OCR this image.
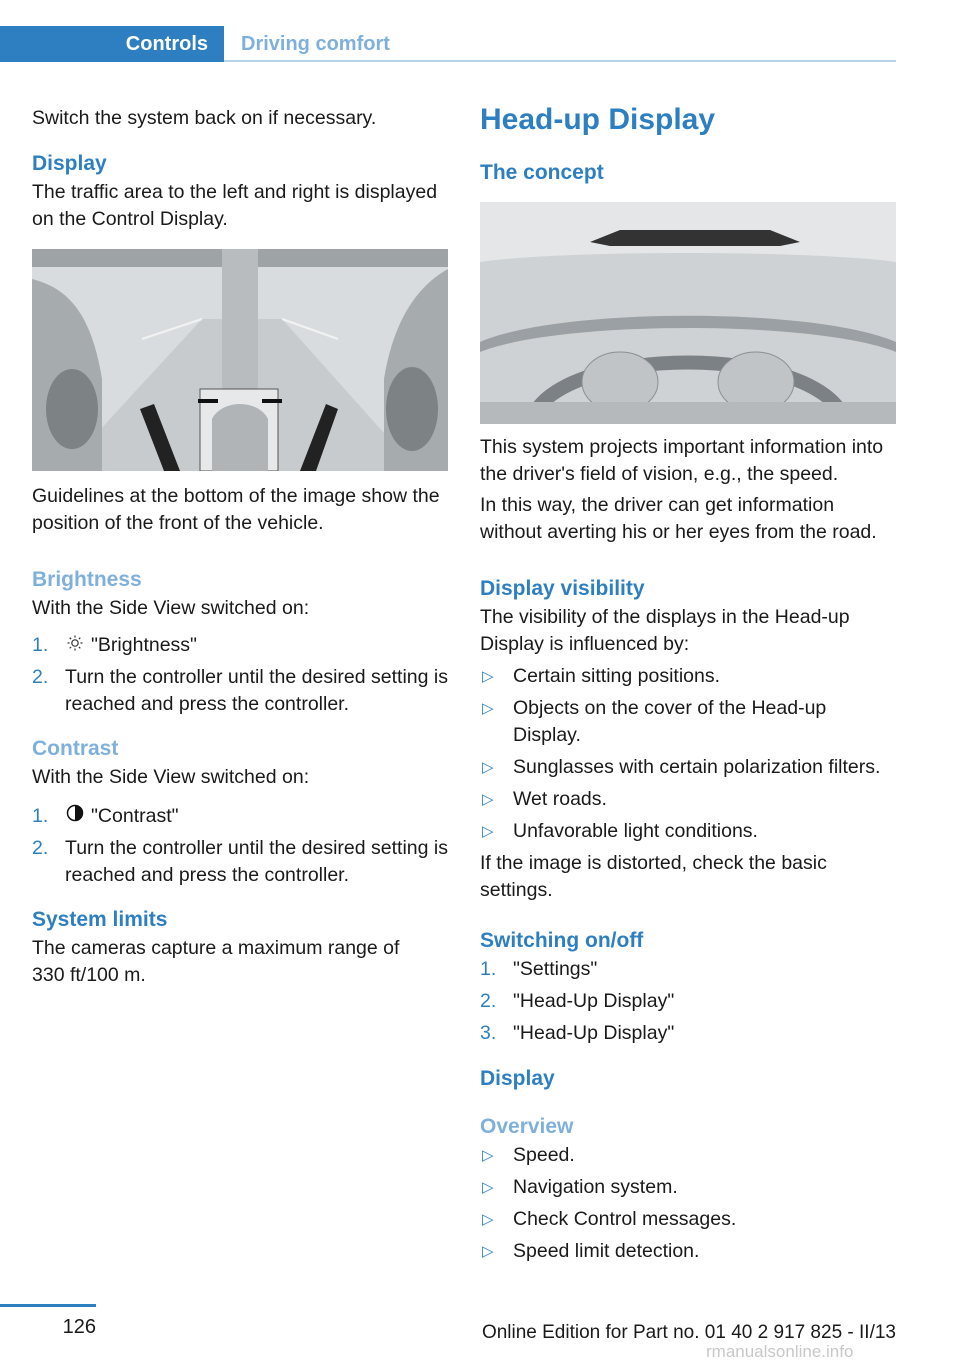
Controls	Driving comfort

Switch the system back on if necessary.

Display

The traffic area to the left and right is displayed on the Control Display.

Guidelines at the bottom of the image show the position of the front of the vehicle.

Brightness

With the Side View switched on:

1. "Brightness"
2. Turn the controller until the desired setting is reached and press the controller.
Contrast

With the Side View switched on:

1. "Contrast"
2. Turn the controller until the desired setting is reached and press the controller.
System limits

The cameras capture a maximum range of 330 ft/100 m.

Head-up Display
The concept

This system projects important information into the driver's field of vision, e.g., the speed.

In this way, the driver can get information without averting his or her eyes from the road.

Display visibility

The visibility of the displays in the Head-up Display is influenced by:

▷ Certain sitting positions.
▷ Objects on the cover of the Head-up Display.
▷ Sunglasses with certain polarization filters.
▷ Wet roads.
▷ Unfavorable light conditions.

If the image is distorted, check the basic settings.

Switching on/off
1. "Settings"
2. "Head-Up Display"
3. "Head-Up Display"
Display
Overview
▷ Speed.
▷ Navigation system.
▷ Check Control messages.
▷ Speed limit detection.
126	Online Edition for Part no. 01 40 2 917 825 - II/13
rmanualsonline.info
